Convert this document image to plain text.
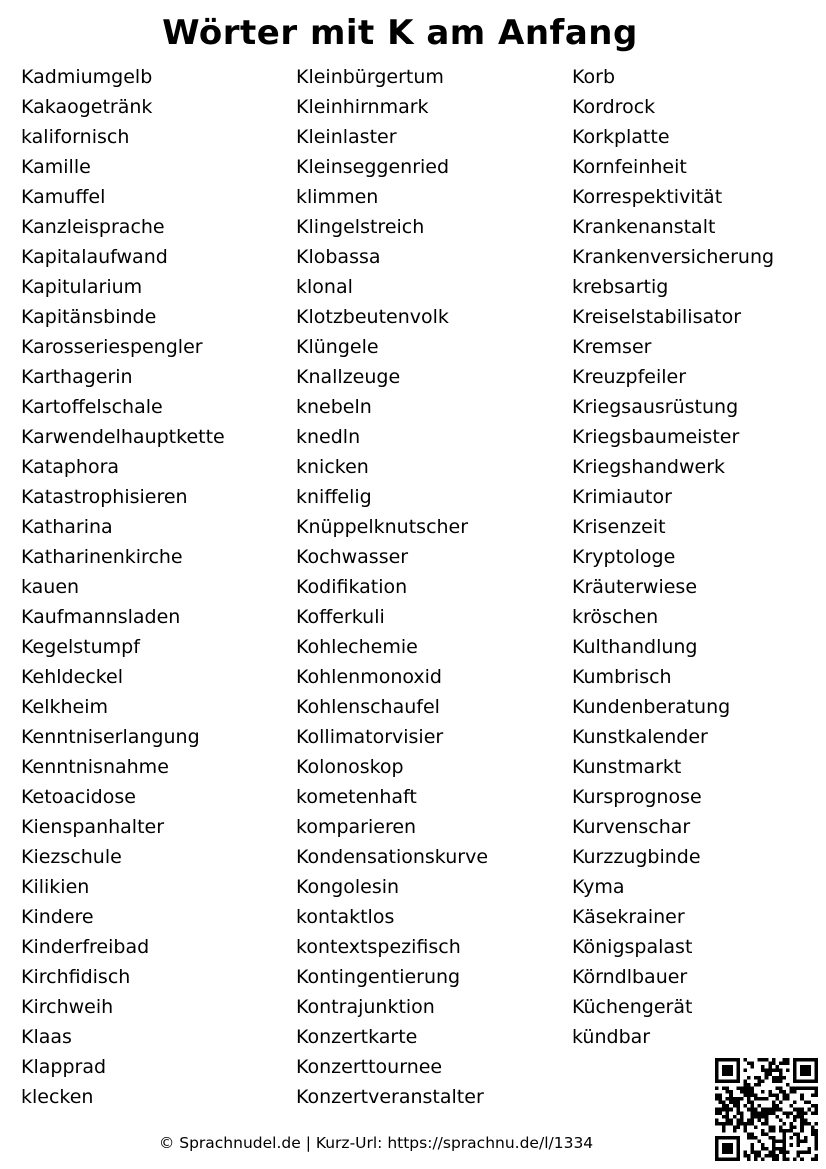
Wörter mit K am Anfang
Kadmiumgelb
Kakaogetränk
kalifornisch
Kamille
Kamuffel
Kanzleisprache
Kapitalaufwand
Kapitularium
Kapitänsbinde
Karosseriespengler
Karthagerin
Kartoffelschale
Karwendelhauptkette
Kataphora
Katastrophisieren
Katharina
Katharinenkirche
kauen
Kaufmannsladen
Kegelstumpf
Kehldeckel
Kelkheim
Kenntniserlangung
Kenntnisnahme
Ketoacidose
Kienspanhalter
Kiezschule
Kilikien
Kindere
Kinderfreibad
Kirchfidisch
Kirchweih
Klaas
Klapprad
klecken
Kleinbürgertum
Kleinhirnmark
Kleinlaster
Kleinseggenried
klimmen
Klingelstreich
Klobassa
klonal
Klotzbeutenvolk
Klüngele
Knallzeuge
knebeln
knedln
knicken
kniffelig
Knüppelknutscher
Kochwasser
Kodifikation
Kofferkuli
Kohlechemie
Kohlenmonoxid
Kohlenschaufel
Kollimatorvisier
Kolonoskop
kometenhaft
komparieren
Kondensationskurve
Kongolesin
kontaktlos
kontextspezifisch
Kontingentierung
Kontrajunktion
Konzertkarte
Konzerttournee
Konzertveranstalter
Korb
Kordrock
Korkplatte
Kornfeinheit
Korrespektivität
Krankenanstalt
Krankenversicherung
krebsartig
Kreiselstabilisator
Kremser
Kreuzpfeiler
Kriegsausrüstung
Kriegsbaumeister
Kriegshandwerk
Krimiautor
Krisenzeit
Kryptologe
Kräuterwiese
kröschen
Kulthandlung
Kumbrisch
Kundenberatung
Kunstkalender
Kunstmarkt
Kursprognose
Kurvenschar
Kurzzugbinde
Kyma
Käsekrainer
Königspalast
Körndlbauer
Küchengerät
kündbar
© Sprachnudel.de | Kurz-Url: https://sprachnu.de/l/1334
